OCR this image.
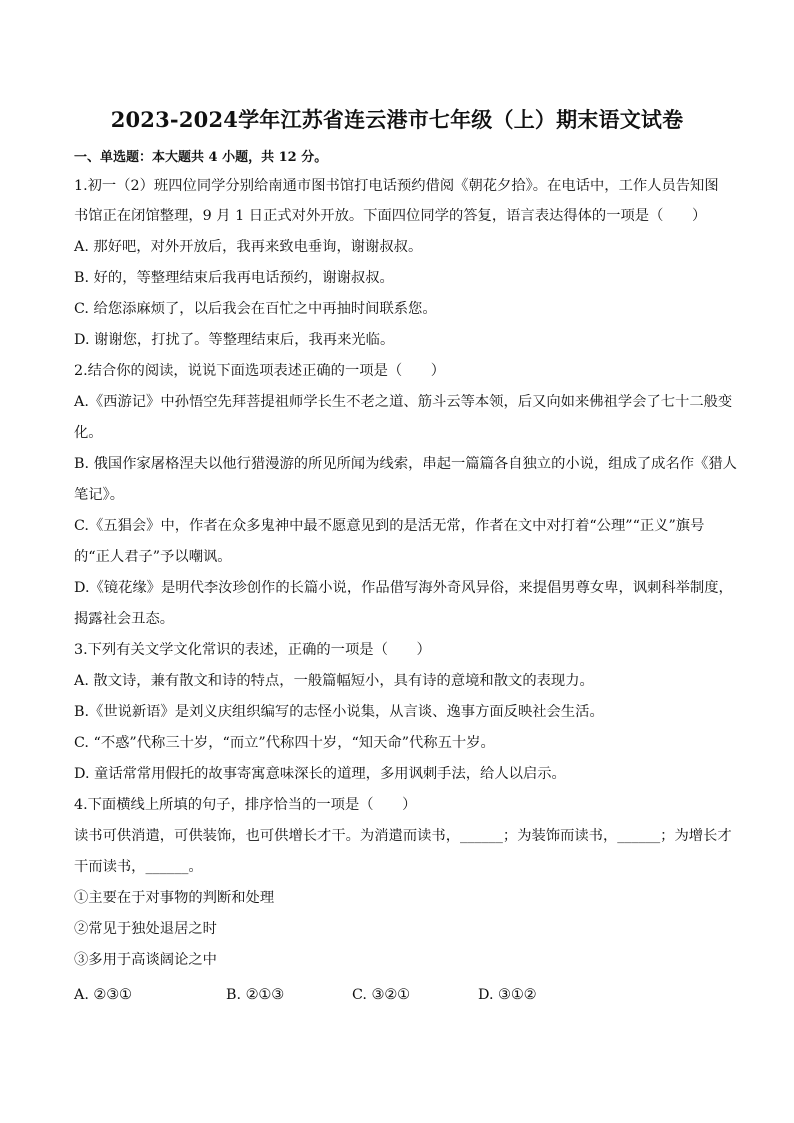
2023-2024学年江苏省连云港市七年级（上）期末语文试卷
一、单选题：本大题共 4 小题，共 12 分。
1.初一（2）班四位同学分别给南通市图书馆打电话预约借阅《朝花夕拾》。在电话中，工作人员告知图
书馆正在闭馆整理，9 月 1 日正式对外开放。下面四位同学的答复，语言表达得体的一项是（　　）
A. 那好吧，对外开放后，我再来致电垂询，谢谢叔叔。
B. 好的，等整理结束后我再电话预约，谢谢叔叔。
C. 给您添麻烦了，以后我会在百忙之中再抽时间联系您。
D. 谢谢您，打扰了。等整理结束后，我再来光临。
2.结合你的阅读，说说下面选项表述正确的一项是（　　）
A.《西游记》中孙悟空先拜菩提祖师学长生不老之道、筋斗云等本领，后又向如来佛祖学会了七十二般变
化。
B. 俄国作家屠格涅夫以他行猎漫游的所见所闻为线索，串起一篇篇各自独立的小说，组成了成名作《猎人
笔记》。
C.《五猖会》中，作者在众多鬼神中最不愿意见到的是活无常，作者在文中对打着“公理”“正义”旗号
的“正人君子”予以嘲讽。
D.《镜花缘》是明代李汝珍创作的长篇小说，作品借写海外奇风异俗，来提倡男尊女卑，讽刺科举制度，
揭露社会丑态。
3.下列有关文学文化常识的表述，正确的一项是（　　）
A. 散文诗，兼有散文和诗的特点，一般篇幅短小，具有诗的意境和散文的表现力。
B.《世说新语》是刘义庆组织编写的志怪小说集，从言谈、逸事方面反映社会生活。
C. “不惑”代称三十岁，“而立”代称四十岁，“知天命”代称五十岁。
D. 童话常常用假托的故事寄寓意味深长的道理，多用讽刺手法，给人以启示。
4.下面横线上所填的句子，排序恰当的一项是（　　）
读书可供消遣，可供装饰，也可供增长才干。为消遣而读书，______；为装饰而读书，______；为增长才
干而读书，______。
①主要在于对事物的判断和处理
②常见于独处退居之时
③多用于高谈阔论之中
A. ②③①	B. ②①③	C. ③②①	D. ③①②
